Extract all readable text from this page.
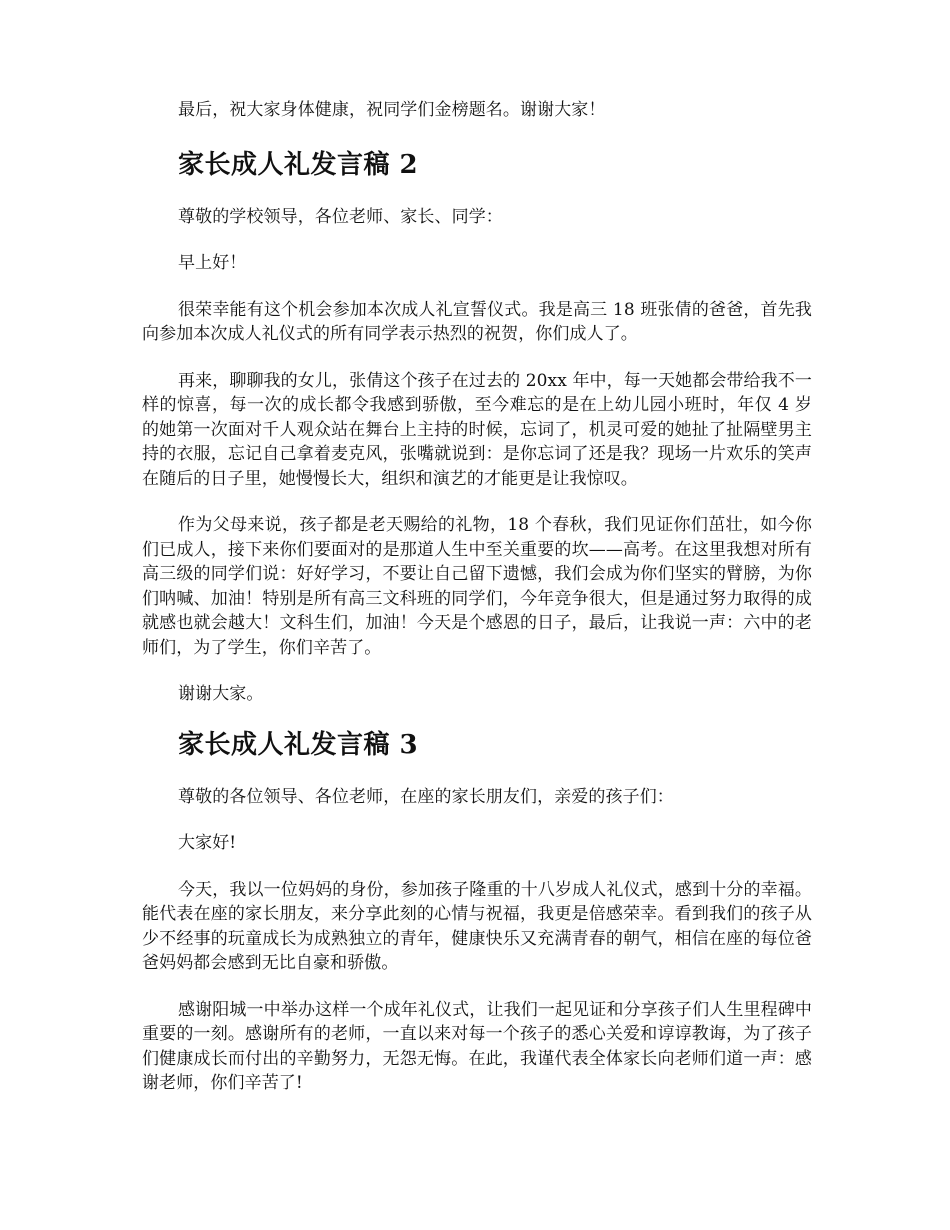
最后，祝大家身体健康，祝同学们金榜题名。谢谢大家！

家长成人礼发言稿 2

尊敬的学校领导，各位老师、家长、同学：

早上好！

很荣幸能有这个机会参加本次成人礼宣誓仪式。我是高三 18 班张倩的爸爸，首先我向参加本次成人礼仪式的所有同学表示热烈的祝贺，你们成人了。

再来，聊聊我的女儿，张倩这个孩子在过去的 20xx 年中，每一天她都会带给我不一样的惊喜，每一次的成长都令我感到骄傲，至今难忘的是在上幼儿园小班时，年仅 4 岁的她第一次面对千人观众站在舞台上主持的时候，忘词了，机灵可爱的她扯了扯隔壁男主持的衣服，忘记自己拿着麦克风，张嘴就说到：是你忘词了还是我？现场一片欢乐的笑声在随后的日子里，她慢慢长大，组织和演艺的才能更是让我惊叹。

作为父母来说，孩子都是老天赐给的礼物，18 个春秋，我们见证你们茁壮，如今你们已成人，接下来你们要面对的是那道人生中至关重要的坎——高考。在这里我想对所有高三级的同学们说：好好学习，不要让自己留下遗憾，我们会成为你们坚实的臂膀，为你们呐喊、加油！特别是所有高三文科班的同学们，今年竞争很大，但是通过努力取得的成就感也就会越大！文科生们，加油！今天是个感恩的日子，最后，让我说一声：六中的老师们，为了学生，你们辛苦了。

谢谢大家。

家长成人礼发言稿 3

尊敬的各位领导、各位老师，在座的家长朋友们，亲爱的孩子们：

大家好!

今天，我以一位妈妈的身份，参加孩子隆重的十八岁成人礼仪式，感到十分的幸福。能代表在座的家长朋友，来分享此刻的心情与祝福，我更是倍感荣幸。看到我们的孩子从少不经事的玩童成长为成熟独立的青年，健康快乐又充满青春的朝气，相信在座的每位爸爸妈妈都会感到无比自豪和骄傲。

感谢阳城一中举办这样一个成年礼仪式，让我们一起见证和分享孩子们人生里程碑中重要的一刻。感谢所有的老师，一直以来对每一个孩子的悉心关爱和谆谆教诲，为了孩子们健康成长而付出的辛勤努力，无怨无悔。在此，我谨代表全体家长向老师们道一声：感谢老师，你们辛苦了!
